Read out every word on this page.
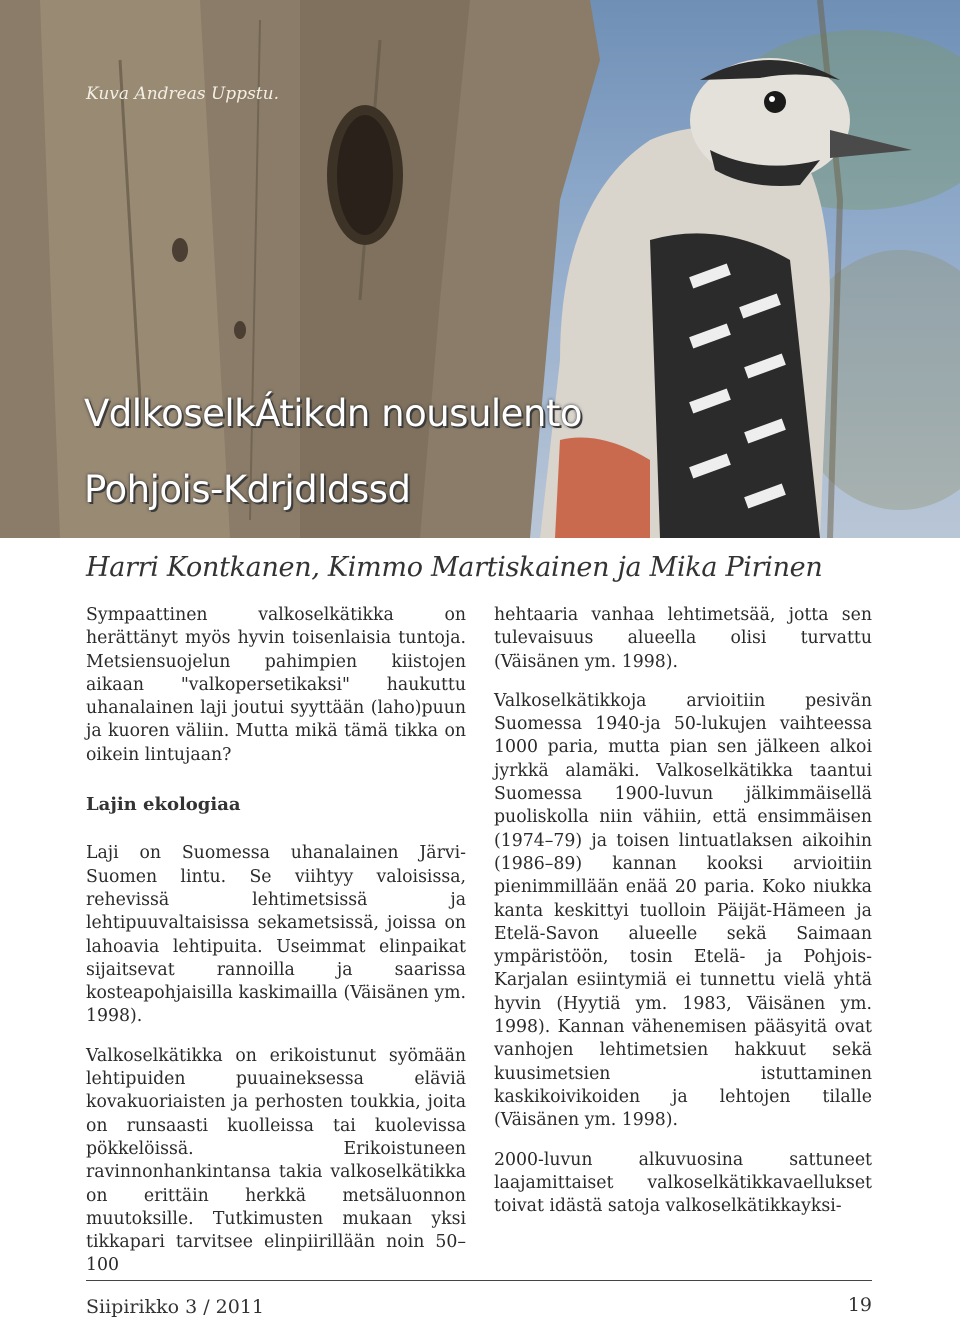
Kuva Andreas Uppstu.
VdlkoselkÁtikdn nousulento
Pohjois-Kdrjdldssd
Harri Kontkanen, Kimmo Martiskainen ja Mika Pirinen

Sympaattinen valkoselkätikka on herättänyt myös hyvin toisenlaisia tuntoja. Metsiensuojelun pahimpien kiistojen aikaan "valkopersetikaksi" haukuttu uhanalainen laji joutui syyttään (laho)puun ja kuoren väliin. Mutta mikä tämä tikka on oikein lintujaan?

Lajin ekologiaa

Laji on Suomessa uhanalainen Järvi-Suomen lintu. Se viihtyy valoisissa, rehevissä lehtimetsissä ja lehtipuuvaltaisissa sekametsissä, joissa on lahoavia lehtipuita. Useimmat elinpaikat sijaitsevat rannoilla ja saarissa kosteapohjaisilla kaskimailla (Väisänen ym. 1998).

Valkoselkätikka on erikoistunut syömään lehtipuiden puuaineksessa eläviä kovakuoriaisten ja perhosten toukkia, joita on runsaasti kuolleissa tai kuolevissa pökkelöissä. Erikoistuneen ravinnonhankintansa takia valkoselkätikka on erittäin herkkä metsäluonnon muutoksille. Tutkimusten mukaan yksi tikkapari tarvitsee elinpiirillään noin 50–100

hehtaaria vanhaa lehtimetsää, jotta sen tulevaisuus alueella olisi turvattu (Väisänen ym. 1998).

Valkoselkätikkoja arvioitiin pesivän Suomessa 1940-ja 50-lukujen vaihteessa 1000 paria, mutta pian sen jälkeen alkoi jyrkkä alamäki. Valkoselkätikka taantui Suomessa 1900-luvun jälkimmäisellä puoliskolla niin vähiin, että ensimmäisen (1974–79) ja toisen lintuatlaksen aikoihin (1986–89) kannan kooksi arvioitiin pienimmillään enää 20 paria. Koko niukka kanta keskittyi tuolloin Päijät-Hämeen ja Etelä-Savon alueelle sekä Saimaan ympäristöön, tosin Etelä- ja Pohjois-Karjalan esiintymiä ei tunnettu vielä yhtä hyvin (Hyytiä ym. 1983, Väisänen ym. 1998). Kannan vähenemisen pääsyitä ovat vanhojen lehtimetsien hakkuut sekä kuusimetsien istuttaminen kaskikoivikoiden ja lehtojen tilalle (Väisänen ym. 1998).

2000-luvun alkuvuosina sattuneet laajamittaiset valkoselkätikkavaellukset toivat idästä satoja valkoselkätikkayksi-

Siipirikko 3 / 2011	19
